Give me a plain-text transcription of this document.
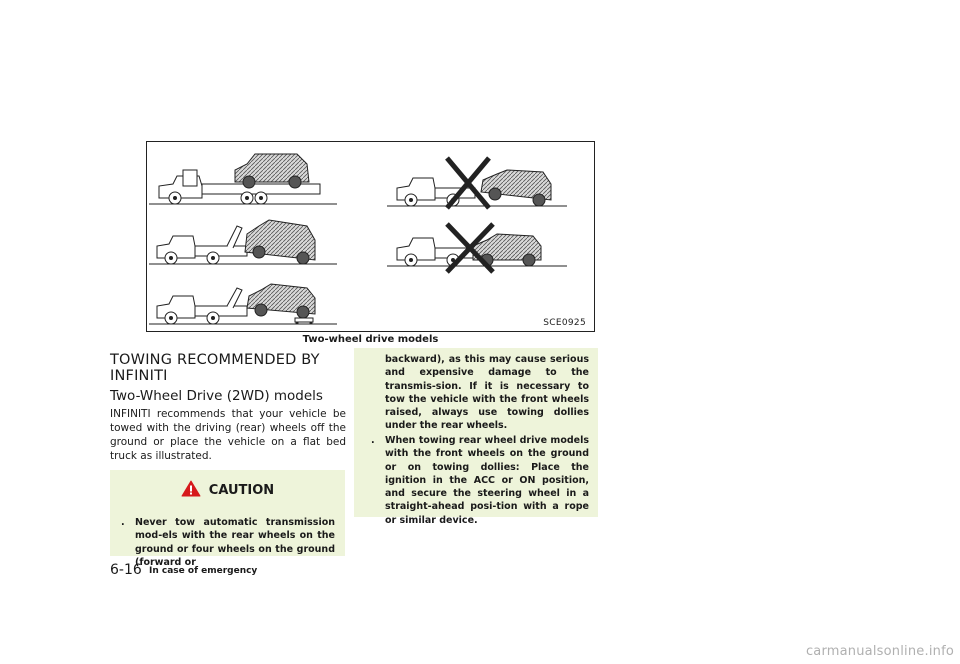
SCE0925
Two-wheel drive models
TOWING RECOMMENDED BY INFINITI
Two-Wheel Drive (2WD) models
INFINITI recommends that your vehicle be towed with the driving (rear) wheels off the ground or place the vehicle on a flat bed truck as illustrated.
CAUTION
. Never tow automatic transmission mod-els with the rear wheels on the ground or four wheels on the ground (forward or
backward), as this may cause serious and expensive damage to the transmis-sion. If it is necessary to tow the vehicle with the front wheels raised, always use towing dollies under the rear wheels.
. When towing rear wheel drive models with the front wheels on the ground or on towing dollies: Place the ignition in the ACC or ON position, and secure the steering wheel in a straight-ahead posi-tion with a rope or similar device.
6-16 In case of emergency
carmanualsonline.info
